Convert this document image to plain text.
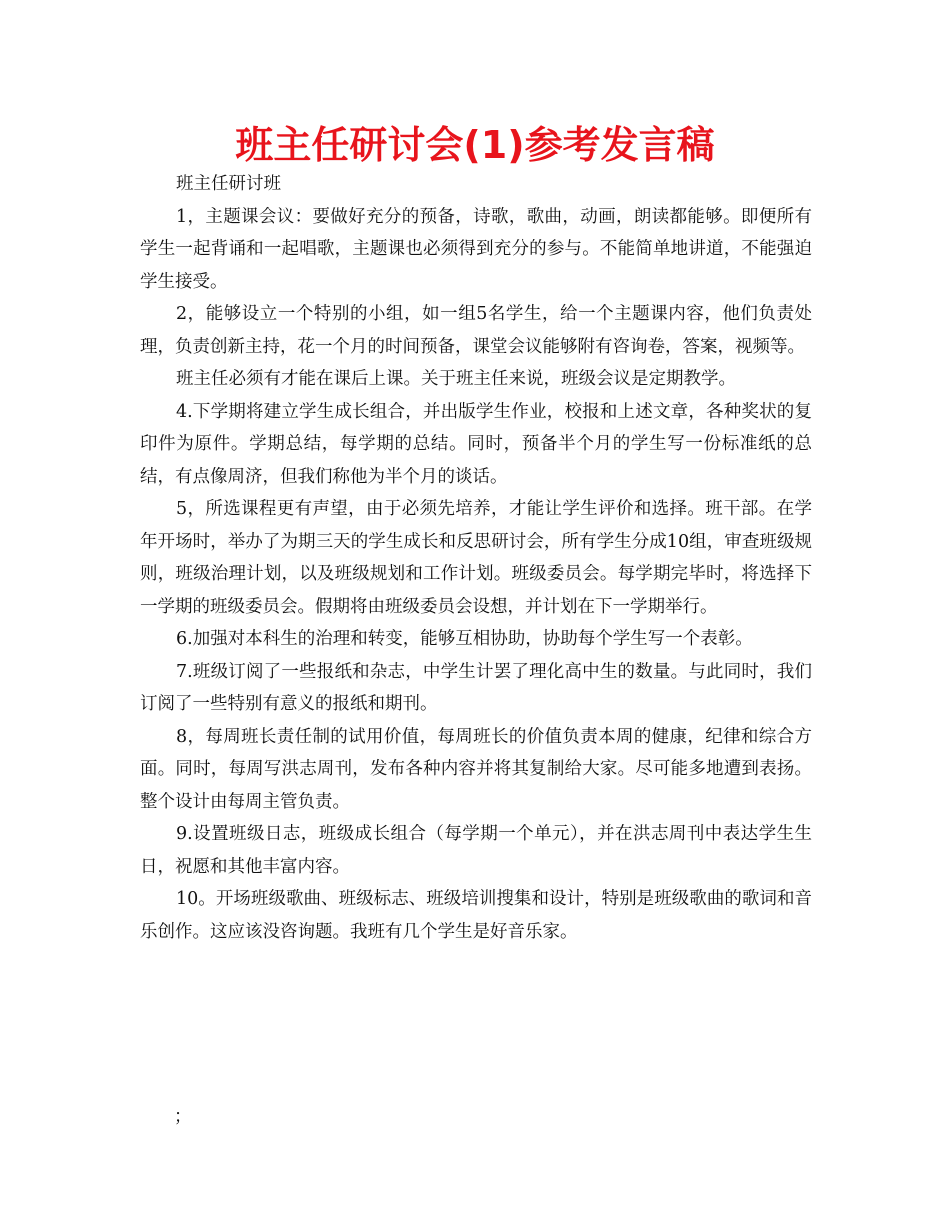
班主任研讨会(1)参考发言稿

班主任研讨班

1，主题课会议：要做好充分的预备，诗歌，歌曲，动画，朗读都能够。即便所有学生一起背诵和一起唱歌，主题课也必须得到充分的参与。不能简单地讲道，不能强迫学生接受。

2，能够设立一个特别的小组，如一组5名学生，给一个主题课内容，他们负责处理，负责创新主持，花一个月的时间预备，课堂会议能够附有咨询卷，答案，视频等。

班主任必须有才能在课后上课。关于班主任来说，班级会议是定期教学。

4.下学期将建立学生成长组合，并出版学生作业，校报和上述文章，各种奖状的复印件为原件。学期总结，每学期的总结。同时，预备半个月的学生写一份标准纸的总结，有点像周济，但我们称他为半个月的谈话。

5，所选课程更有声望，由于必须先培养，才能让学生评价和选择。班干部。在学年开场时，举办了为期三天的学生成长和反思研讨会，所有学生分成10组，审查班级规则，班级治理计划，以及班级规划和工作计划。班级委员会。每学期完毕时，将选择下一学期的班级委员会。假期将由班级委员会设想，并计划在下一学期举行。

6.加强对本科生的治理和转变，能够互相协助，协助每个学生写一个表彰。

7.班级订阅了一些报纸和杂志，中学生计罢了理化高中生的数量。与此同时，我们订阅了一些特别有意义的报纸和期刊。

8，每周班长责任制的试用价值，每周班长的价值负责本周的健康，纪律和综合方面。同时，每周写洪志周刊，发布各种内容并将其复制给大家。尽可能多地遭到表扬。整个设计由每周主管负责。

9.设置班级日志，班级成长组合（每学期一个单元），并在洪志周刊中表达学生生日，祝愿和其他丰富内容。

10。开场班级歌曲、班级标志、班级培训搜集和设计，特别是班级歌曲的歌词和音乐创作。这应该没咨询题。我班有几个学生是好音乐家。

；
